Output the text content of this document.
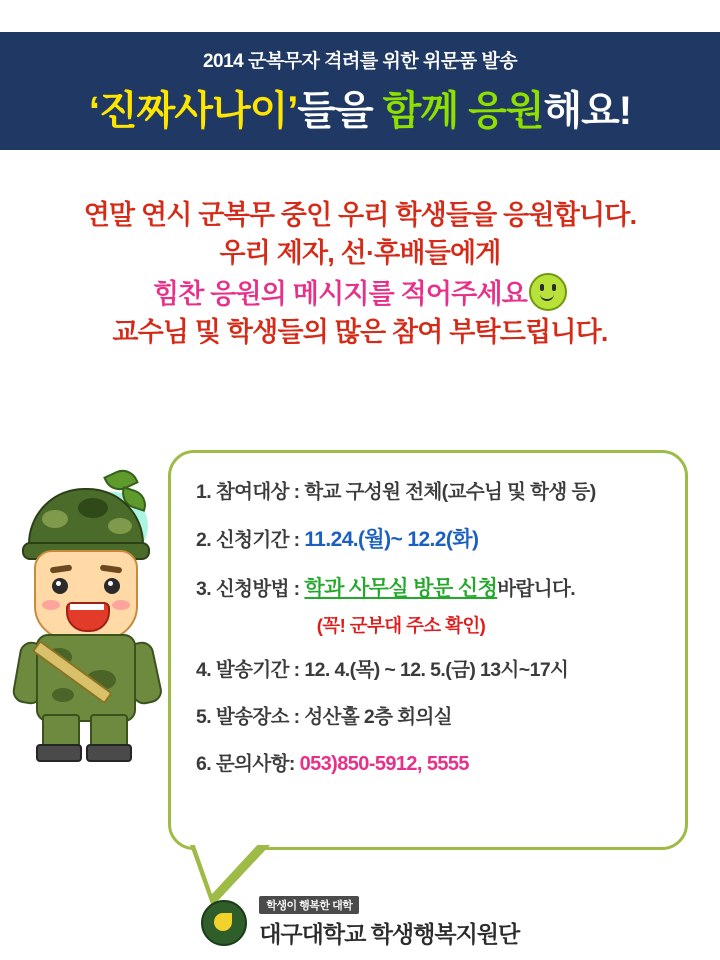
2014 군복무자 격려를 위한 위문품 발송
‘진짜사나이’들을 함께 응원해요!
연말 연시 군복무 중인 우리 학생들을 응원합니다.
우리 제자, 선·후배들에게
힘찬 응원의 메시지를 적어주세요
교수님 및 학생들의 많은 참여 부탁드립니다.
1. 참여대상 : 학교 구성원 전체(교수님 및 학생 등)
2. 신청기간 : 11.24.(월)~ 12.2(화)
3. 신청방법 : 학과 사무실 방문 신청바랍니다.
(꼭! 군부대 주소 확인)
4. 발송기간 : 12. 4.(목) ~ 12. 5.(금) 13시~17시
5. 발송장소 : 성산홀 2층 회의실
6. 문의사항: 053)850-5912, 5555
학생이 행복한 대학
대구대학교 학생행복지원단
